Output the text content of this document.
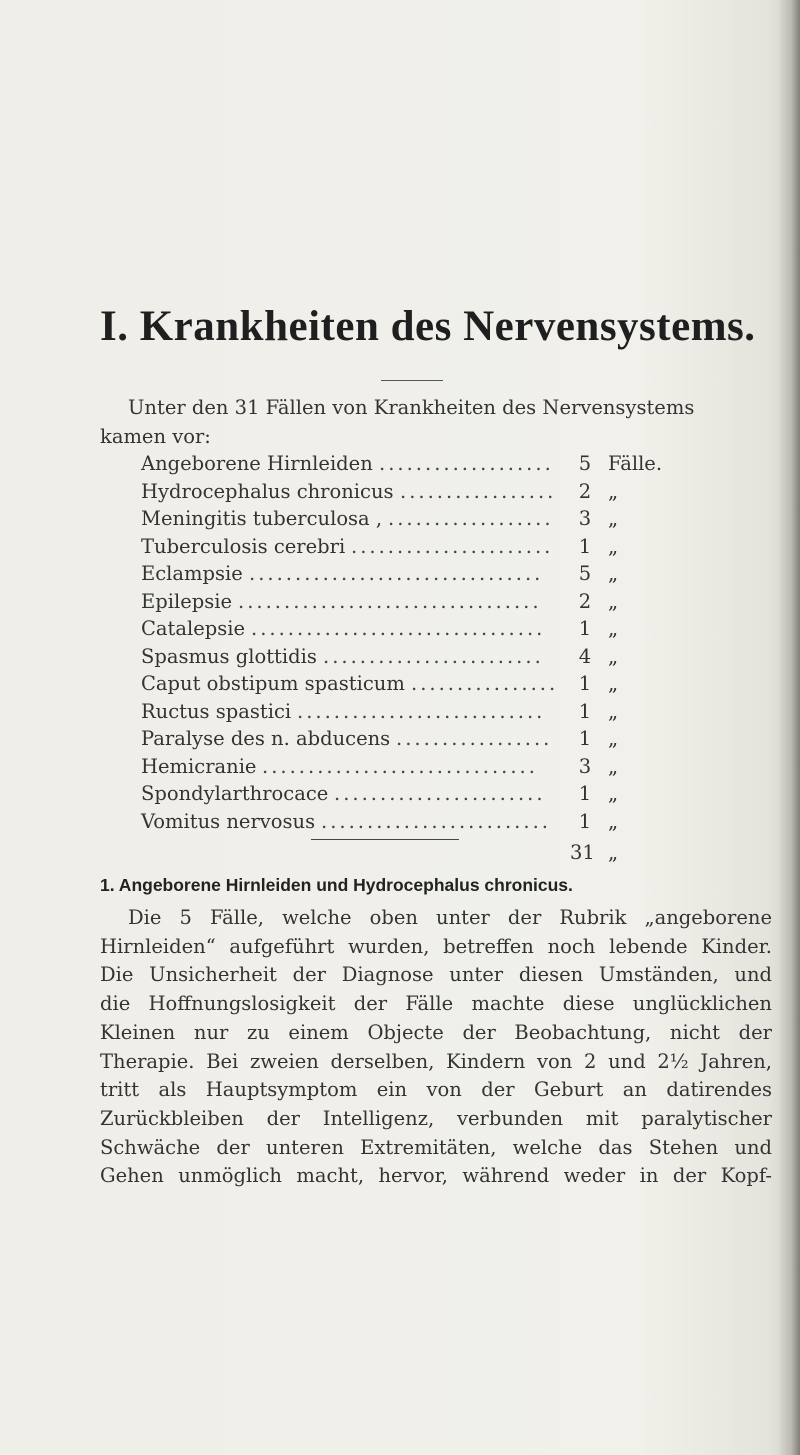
I. Krankheiten des Nervensystems.
Unter den 31 Fällen von Krankheiten des Nervensystems
kamen vor:
Angeborene Hirnleiden ...................	5 Fälle.
Hydrocephalus chronicus .................	2 „
Meningitis tuberculosa , ..................	3 „
Tuberculosis cerebri ......................	1 „
Eclampsie ................................	5 „
Epilepsie .................................	2 „
Catalepsie ................................	1 „
Spasmus glottidis ........................	4 „
Caput obstipum spasticum ................	1 „
Ructus spastici ...........................	1 „
Paralyse des n. abducens .................	1 „
Hemicranie ..............................	3 „
Spondylarthrocace .......................	1 „
Vomitus nervosus .........................	1 „
31 „
1. Angeborene Hirnleiden und Hydrocephalus chronicus.
Die 5 Fälle, welche oben unter der Rubrik „angeborene
Hirnleiden“ aufgeführt wurden, betreffen noch lebende Kinder.
Die Unsicherheit der Diagnose unter diesen Umständen, und
die Hoffnungslosigkeit der Fälle machte diese unglücklichen
Kleinen nur zu einem Objecte der Beobachtung, nicht der
Therapie. Bei zweien derselben, Kindern von 2 und 2½ Jahren,
tritt als Hauptsymptom ein von der Geburt an datirendes
Zurückbleiben der Intelligenz, verbunden mit paralytischer
Schwäche der unteren Extremitäten, welche das Stehen und
Gehen unmöglich macht, hervor, während weder in der Kopf-
